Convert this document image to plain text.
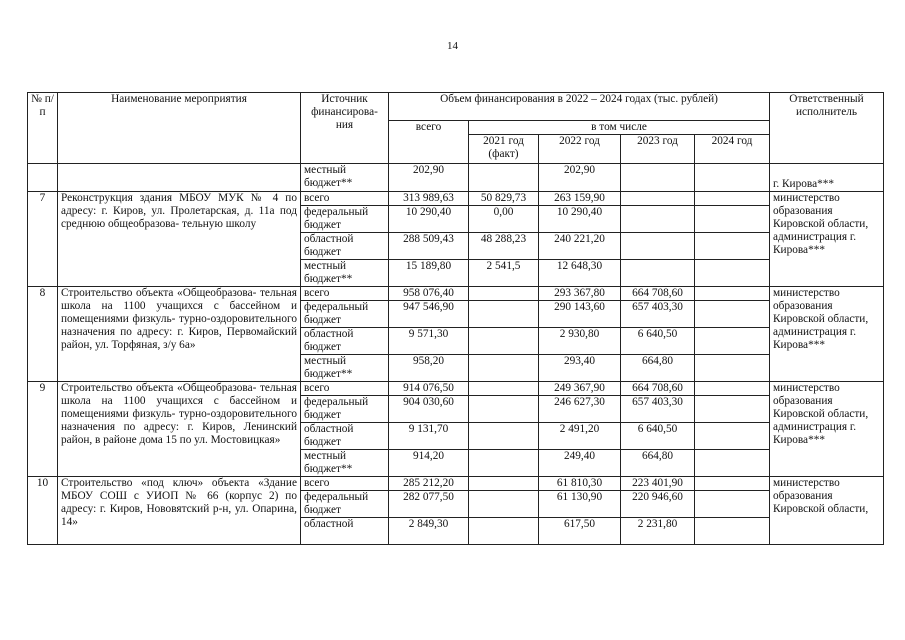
14
№ п/п	Наименование мероприятия	Источник финансирова- ния	Объем финансирования в 2022 – 2024 годах (тыс. рублей)					Ответственный исполнитель
			всего	в том числе				
				2021 год (факт)	2022 год	2023 год	2024 год	
		местный бюджет**	202,90		202,90			г. Кирова***
7	Реконструкция здания МБОУ МУК № 4 по адресу: г. Киров, ул. Пролетарская, д. 11а под среднюю общеобразова- тельную школу	всего	313 989,63	50 829,73	263 159,90			министерство образования Кировской области, администрация г. Кирова***
		федеральный бюджет	10 290,40	0,00	10 290,40			
		областной бюджет	288 509,43	48 288,23	240 221,20			
		местный бюджет**	15 189,80	2 541,5	12 648,30			
8	Строительство объекта «Общеобразова- тельная школа на 1100 учащихся с бассейном и помещениями физкуль- турно-оздоровительного назначения по адресу: г. Киров, Первомайский район, ул. Торфяная, з/у 6а»	всего	958 076,40		293 367,80	664 708,60		министерство образования Кировской области, администрация г. Кирова***
		федеральный бюджет	947 546,90		290 143,60	657 403,30		
		областной бюджет	9 571,30		2 930,80	6 640,50		
		местный бюджет**	958,20		293,40	664,80		
9	Строительство объекта «Общеобразова- тельная школа на 1100 учащихся с бассейном и помещениями физкуль- турно-оздоровительного назначения по адресу: г. Киров, Ленинский район, в районе дома 15 по ул. Мостовицкая»	всего	914 076,50		249 367,90	664 708,60		министерство образования Кировской области, администрация г. Кирова***
		федеральный бюджет	904 030,60		246 627,30	657 403,30		
		областной бюджет	9 131,70		2 491,20	6 640,50		
		местный бюджет**	914,20		249,40	664,80		
10	Строительство «под ключ» объекта «Здание МБОУ СОШ с УИОП № 66 (корпус 2) по адресу: г. Киров, Нововятский р-н, ул. Опарина, 14»	всего	285 212,20		61 810,30	223 401,90		министерство образования Кировской области,
		федеральный бюджет	282 077,50		61 130,90	220 946,60		
		областной	2 849,30		617,50	2 231,80		
